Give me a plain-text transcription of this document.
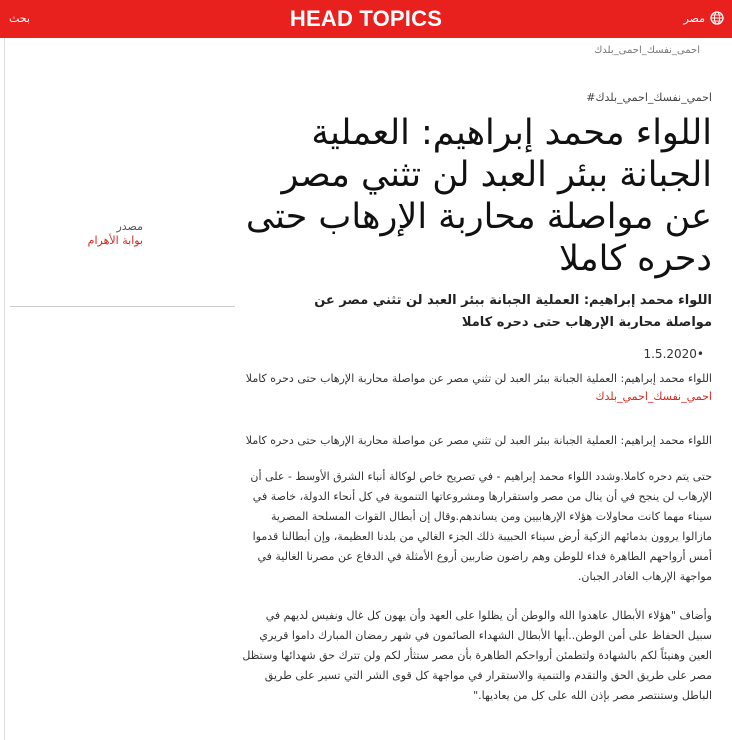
بحث	HEAD TOPICS	مصر
احمى_نفسك_احمى_بلدك
احمي_نفسك_احمي_بلدك#
اللواء محمد إبراهيم: العملية الجبانة ببئر العبد لن تثني مصر عن مواصلة محاربة الإرهاب حتى دحره كاملا
مصدر
بوابة الأهرام
اللواء محمد إبراهيم: العملية الجبانة ببئر العبد لن تثني مصر عن مواصلة محاربة الإرهاب حتى دحره كاملا
•1.5.2020

اللواء محمد إبراهيم: العملية الجبانة ببئر العبد لن تثني مصر عن مواصلة محاربة الإرهاب حتى دحره كاملا

احمي_نفسك_احمي_بلدك

اللواء محمد إبراهيم: العملية الجبانة ببئر العبد لن تثني مصر عن مواصلة محاربة الإرهاب حتى دحره كاملا

حتى يتم دحره كاملا.وشدد اللواء محمد إبراهيم - في تصريح خاص لوكالة أنباء الشرق الأوسط - على أن الإرهاب لن ينجح في أن ينال من مصر واستقرارها ومشروعاتها التنموية في كل أنحاء الدولة، خاصة في سيناء مهما كانت محاولات هؤلاء الإرهابيين ومن يساندهم.وقال إن أبطال القوات المسلحة المصرية مازالوا يروون بدمائهم الزكية أرض سيناء الحبيبة ذلك الجزء الغالي من بلدنا العظيمة، وإن أبطالنا قدموا أمس أرواحهم الطاهرة فداء للوطن وهم راضون ضاربين أروع الأمثلة في الدفاع عن مصرنا الغالية في مواجهة الإرهاب الغادر الجبان.

وأضاف "هؤلاء الأبطال عاهدوا الله والوطن أن يظلوا على العهد وأن يهون كل غال ونفيس لديهم في سبيل الحفاظ على أمن الوطن..أيها الأبطال الشهداء الصائمون في شهر رمضان المبارك داموا قريري العين وهنيئاً لكم بالشهادة ولتطمئن أرواحكم الطاهرة بأن مصر ستثأر لكم ولن تترك حق شهدائها وستظل مصر على طريق الحق والتقدم والتنمية والاستقرار في مواجهة كل قوى الشر التي تسير على طريق الباطل وستنتصر مصر بإذن الله على كل من يعاديها."
